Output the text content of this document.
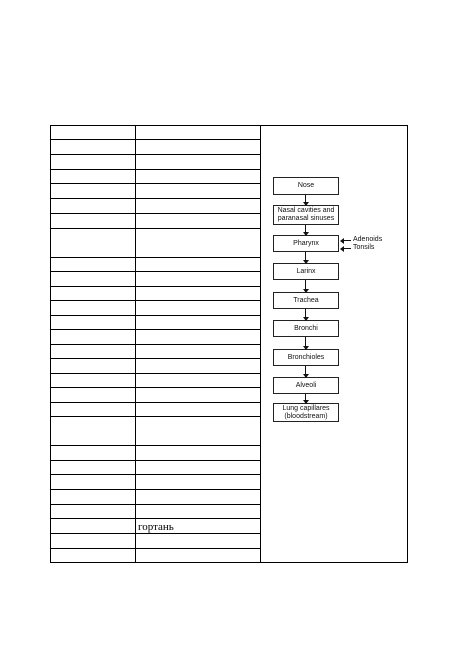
гортань
Nose
Nasal cavities and paranasal sinuses
Pharynx
Larinx
Trachea
Bronchi
Bronchioles
Alveoli
Lung capillares (bloodstream)
Adenoids
Tonsils
